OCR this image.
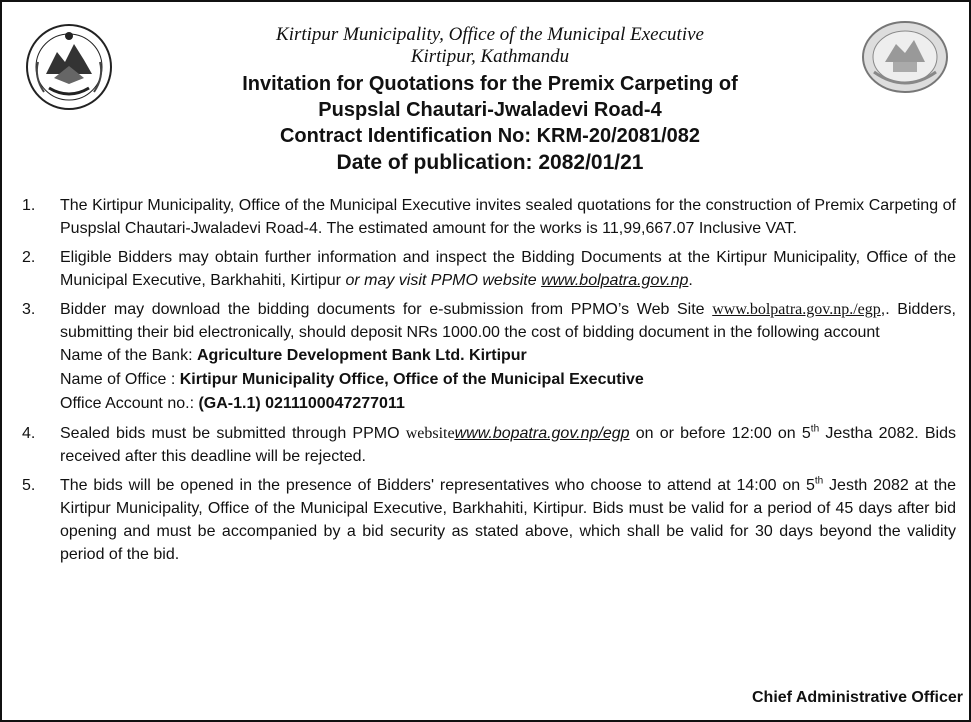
Kirtipur Municipality, Office of the Municipal Executive
Kirtipur, Kathmandu
Invitation for Quotations for the Premix Carpeting of
Puspslal Chautari-Jwaladevi Road-4
Contract Identification No: KRM-20/2081/082
Date of publication: 2082/01/21
1.	The Kirtipur Municipality, Office of the Municipal Executive invites sealed quotations for the construction of Premix Carpeting of Puspslal Chautari-Jwaladevi Road-4. The estimated amount for the works is 11,99,667.07 Inclusive VAT.

2.	Eligible Bidders may obtain further information and inspect the Bidding Documents at the Kirtipur Municipality, Office of the Municipal Executive, Barkhahiti, Kirtipur or may visit PPMO website www.bolpatra.gov.np.

3.	Bidder may download the bidding documents for e-submission from PPMO’s Web Site www.bolpatra.gov.np./egp,. Bidders, submitting their bid electronically, should deposit NRs 1000.00 the cost of bidding document in the following account

Name of the Bank: Agriculture Development Bank Ltd. Kirtipur

Name of Office : Kirtipur Municipality Office, Office of the Municipal Executive

Office Account no.: (GA-1.1) 0211100047277011

4.	Sealed bids must be submitted through PPMO websitewww.bopatra.gov.np/egp on or before 12:00 on 5th Jestha 2082. Bids received after this deadline will be rejected.

5.	The bids will be opened in the presence of Bidders' representatives who choose to attend at 14:00 on 5th Jesth 2082 at the Kirtipur Municipality, Office of the Municipal Executive, Barkhahiti, Kirtipur. Bids must be valid for a period of 45 days after bid opening and must be accompanied by a bid security as stated above, which shall be valid for 30 days beyond the validity period of the bid.

Chief Administrative Officer
